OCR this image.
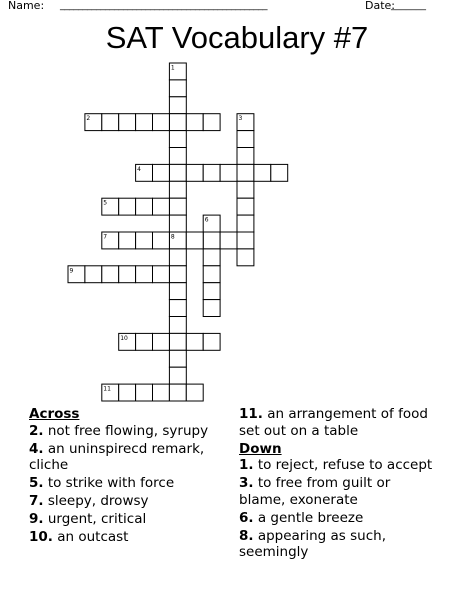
Name: ______________________________________________	Date:
_______
SAT Vocabulary #7
1
2	3
4
5
6
7	8
9
10
11
Across
2. not free flowing, syrupy
4. an uninspirecd remark, cliche
5. to strike with force
7. sleepy, drowsy
9. urgent, critical
10. an outcast
11. an arrangement of food set out on a table
Down
1. to reject, refuse to accept
3. to free from guilt or blame, exonerate
6. a gentle breeze
8. appearing as such, seemingly
